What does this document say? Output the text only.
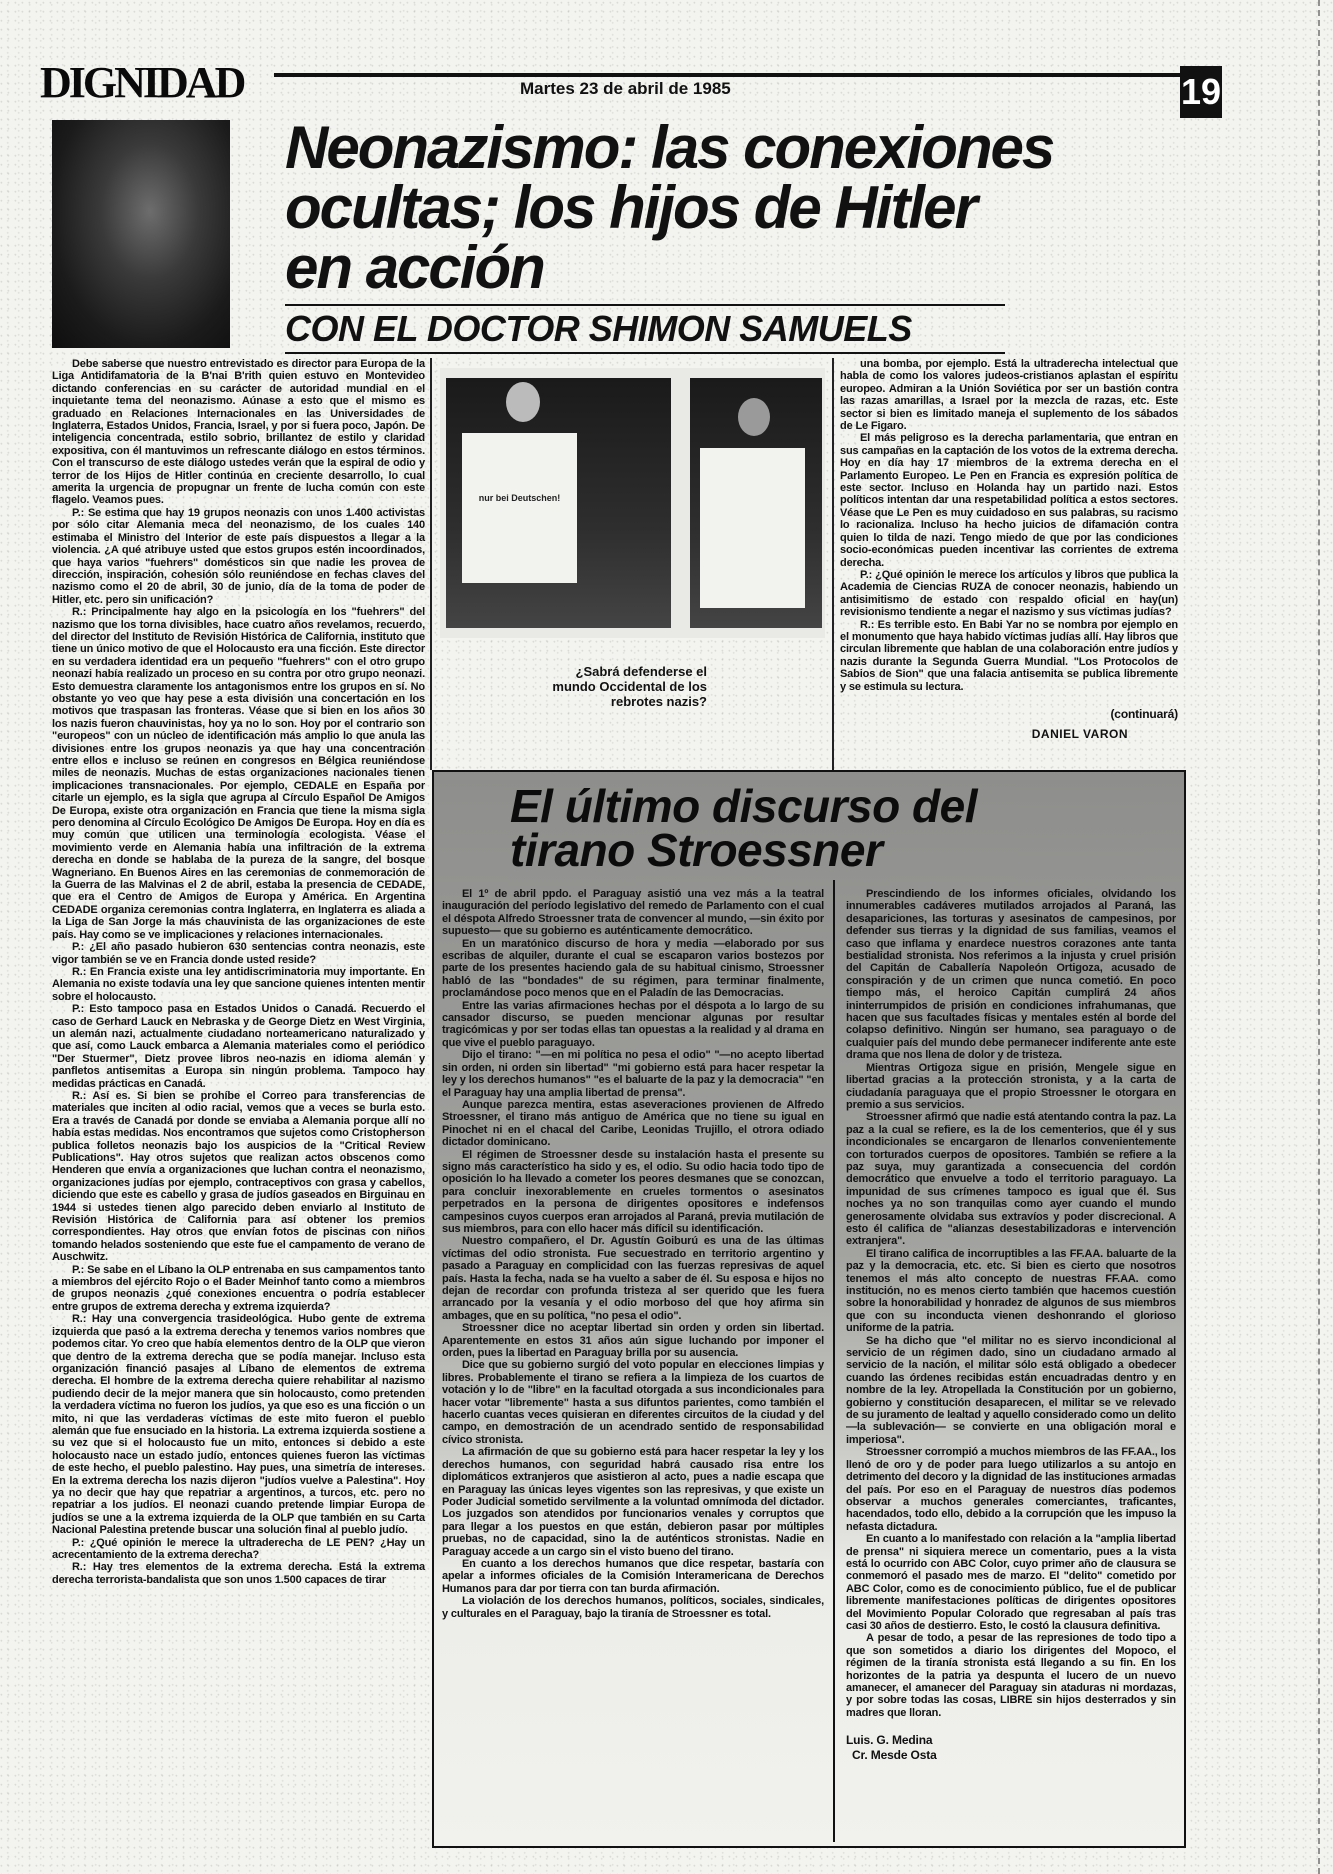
DIGNIDAD	Martes 23 de abril de 1985	19
Neonazismo: las conexiones
ocultas; los hijos de Hitler
en acción
CON EL DOCTOR SHIMON SAMUELS

Debe saberse que nuestro entrevistado es director para Europa de la Liga Antidifamatoria de la B'nai B'rith quien estuvo en Montevideo dictando conferencias en su carácter de autoridad mundial en el inquietante tema del neonazismo. Aúnase a esto que el mismo es graduado en Relaciones Internacionales en las Universidades de Inglaterra, Estados Unidos, Francia, Israel, y por si fuera poco, Japón. De inteligencia concentrada, estilo sobrio, brillantez de estilo y claridad expositiva, con él mantuvimos un refrescante diálogo en estos términos. Con el transcurso de este diálogo ustedes verán que la espiral de odio y terror de los Hijos de Hitler continúa en creciente desarrollo, lo cual amerita la urgencia de propugnar un frente de lucha común con este flagelo. Veamos pues.

P.: Se estima que hay 19 grupos neonazis con unos 1.400 activistas por sólo citar Alemania meca del neonazismo, de los cuales 140 estimaba el Ministro del Interior de este país dispuestos a llegar a la violencia. ¿A qué atribuye usted que estos grupos estén incoordinados, que haya varios "fuehrers" domésticos sin que nadie les provea de dirección, inspiración, cohesión sólo reuniéndose en fechas claves del nazismo como el 20 de abril, 30 de junio, día de la toma de poder de Hitler, etc. pero sin unificación?

R.: Principalmente hay algo en la psicología en los "fuehrers" del nazismo que los torna divisibles, hace cuatro años revelamos, recuerdo, del director del Instituto de Revisión Histórica de California, instituto que tiene un único motivo de que el Holocausto era una ficción. Este director en su verdadera identidad era un pequeño "fuehrers" con el otro grupo neonazi había realizado un proceso en su contra por otro grupo neonazi. Esto demuestra claramente los antagonismos entre los grupos en sí. No obstante yo veo que hay pese a esta división una concertación en los motivos que traspasan las fronteras. Véase que si bien en los años 30 los nazis fueron chauvinistas, hoy ya no lo son. Hoy por el contrario son "europeos" con un núcleo de identificación más amplio lo que anula las divisiones entre los grupos neonazis ya que hay una concentración entre ellos e incluso se reúnen en congresos en Bélgica reuniéndose miles de neonazis. Muchas de estas organizaciones nacionales tienen implicaciones transnacionales. Por ejemplo, CEDALE en España por citarle un ejemplo, es la sigla que agrupa al Círculo Español De Amigos De Europa, existe otra organización en Francia que tiene la misma sigla pero denomina al Círculo Ecológico De Amigos De Europa. Hoy en día es muy común que utilicen una terminología ecologista. Véase el movimiento verde en Alemania había una infiltración de la extrema derecha en donde se hablaba de la pureza de la sangre, del bosque Wagneriano. En Buenos Aires en las ceremonias de conmemoración de la Guerra de las Malvinas el 2 de abril, estaba la presencia de CEDADE, que era el Centro de Amigos de Europa y América. En Argentina CEDADE organiza ceremonias contra Inglaterra, en Inglaterra es aliada a la Liga de San Jorge la más chauvinista de las organizaciones de este país. Hay como se ve implicaciones y relaciones internacionales.

P.: ¿El año pasado hubieron 630 sentencias contra neonazis, este vigor también se ve en Francia donde usted reside?

R.: En Francia existe una ley antidiscriminatoria muy importante. En Alemania no existe todavía una ley que sancione quienes intenten mentir sobre el holocausto.

P.: Esto tampoco pasa en Estados Unidos o Canadá. Recuerdo el caso de Gerhard Lauck en Nebraska y de George Dietz en West Virginia, un alemán nazi, actualmente ciudadano norteamericano naturalizado y que así, como Lauck embarca a Alemania materiales como el periódico "Der Stuermer", Dietz provee libros neo-nazis en idioma alemán y panfletos antisemitas a Europa sin ningún problema. Tampoco hay medidas prácticas en Canadá.

R.: Así es. Si bien se prohíbe el Correo para transferencias de materiales que inciten al odio racial, vemos que a veces se burla esto. Era a través de Canadá por donde se enviaba a Alemania porque allí no había estas medidas. Nos encontramos que sujetos como Cristopherson publica folletos neonazis bajo los auspicios de la "Critical Review Publications". Hay otros sujetos que realizan actos obscenos como Henderen que envía a organizaciones que luchan contra el neonazismo, organizaciones judías por ejemplo, contraceptivos con grasa y cabellos, diciendo que este es cabello y grasa de judíos gaseados en Birguinau en 1944 si ustedes tienen algo parecido deben enviarlo al Instituto de Revisión Histórica de California para así obtener los premios correspondientes. Hay otros que envían fotos de piscinas con niños tomando helados sosteniendo que este fue el campamento de verano de Auschwitz.

P.: Se sabe en el Líbano la OLP entrenaba en sus campamentos tanto a miembros del ejército Rojo o el Bader Meinhof tanto como a miembros de grupos neonazis ¿qué conexiones encuentra o podría establecer entre grupos de extrema derecha y extrema izquierda?

R.: Hay una convergencia trasideológica. Hubo gente de extrema izquierda que pasó a la extrema derecha y tenemos varios nombres que podemos citar. Yo creo que había elementos dentro de la OLP que vieron que dentro de la extrema derecha que se podía manejar. Incluso esta organización financió pasajes al Líbano de elementos de extrema derecha. El hombre de la extrema derecha quiere rehabilitar al nazismo pudiendo decir de la mejor manera que sin holocausto, como pretenden la verdadera víctima no fueron los judíos, ya que eso es una ficción o un mito, ni que las verdaderas víctimas de este mito fueron el pueblo alemán que fue ensuciado en la historia. La extrema izquierda sostiene a su vez que si el holocausto fue un mito, entonces si debido a este holocausto nace un estado judío, entonces quienes fueron las víctimas de este hecho, el pueblo palestino. Hay pues, una simetría de intereses. En la extrema derecha los nazis dijeron "judíos vuelve a Palestina". Hoy ya no decir que hay que repatriar a argentinos, a turcos, etc. pero no repatriar a los judíos. El neonazi cuando pretende limpiar Europa de judíos se une a la extrema izquierda de la OLP que también en su Carta Nacional Palestina pretende buscar una solución final al pueblo judío.

P.: ¿Qué opinión le merece la ultraderecha de LE PEN? ¿Hay un acrecentamiento de la extrema derecha?

R.: Hay tres elementos de la extrema derecha. Está la extrema derecha terrorista-bandalista que son unos 1.500 capaces de tirar

nur bei Deutschen!
¿Sabrá defenderse el mundo Occidental de los rebrotes nazis?

una bomba, por ejemplo. Está la ultraderecha intelectual que habla de como los valores judeos-cristianos aplastan el espíritu europeo. Admiran a la Unión Soviética por ser un bastión contra las razas amarillas, a Israel por la mezcla de razas, etc. Este sector si bien es limitado maneja el suplemento de los sábados de Le Figaro.

El más peligroso es la derecha parlamentaria, que entran en sus campañas en la captación de los votos de la extrema derecha. Hoy en día hay 17 miembros de la extrema derecha en el Parlamento Europeo. Le Pen en Francia es expresión política de este sector. Incluso en Holanda hay un partido nazi. Estos políticos intentan dar una respetabilidad política a estos sectores. Véase que Le Pen es muy cuidadoso en sus palabras, su racismo lo racionaliza. Incluso ha hecho juicios de difamación contra quien lo tilda de nazi. Tengo miedo de que por las condiciones socio-económicas pueden incentivar las corrientes de extrema derecha.

P.: ¿Qué opinión le merece los artículos y libros que publica la Academia de Ciencias RUZA de conocer neonazis, habiendo un antisimitismo de estado con respaldo oficial en hay(un) revisionismo tendiente a negar el nazismo y sus víctimas judías?

R.: Es terrible esto. En Babi Yar no se nombra por ejemplo en el monumento que haya habido víctimas judías allí. Hay libros que circulan libremente que hablan de una colaboración entre judíos y nazis durante la Segunda Guerra Mundial. "Los Protocolos de Sabios de Sion" que una falacia antisemita se publica libremente y se estimula su lectura.

(continuará)
DANIEL VARON
El último discurso del
tirano Stroessner

El 1º de abril ppdo. el Paraguay asistió una vez más a la teatral inauguración del período legislativo del remedo de Parlamento con el cual el déspota Alfredo Stroessner trata de convencer al mundo, —sin éxito por supuesto— que su gobierno es auténticamente democrático.

En un maratónico discurso de hora y media —elaborado por sus escribas de alquiler, durante el cual se escaparon varios bostezos por parte de los presentes haciendo gala de su habitual cinismo, Stroessner habló de las "bondades" de su régimen, para terminar finalmente, proclamándose poco menos que en el Paladín de las Democracias.

Entre las varias afirmaciones hechas por el déspota a lo largo de su cansador discurso, se pueden mencionar algunas por resultar tragicómicas y por ser todas ellas tan opuestas a la realidad y al drama en que vive el pueblo paraguayo.

Dijo el tirano: "—en mi política no pesa el odio" "—no acepto libertad sin orden, ni orden sin libertad" "mi gobierno está para hacer respetar la ley y los derechos humanos" "es el baluarte de la paz y la democracia" "en el Paraguay hay una amplia libertad de prensa".

Aunque parezca mentira, estas aseveraciones provienen de Alfredo Stroessner, el tirano más antiguo de América que no tiene su igual en Pinochet ni en el chacal del Caribe, Leonidas Trujillo, el otrora odiado dictador dominicano.

El régimen de Stroessner desde su instalación hasta el presente su signo más característico ha sido y es, el odio. Su odio hacia todo tipo de oposición lo ha llevado a cometer los peores desmanes que se conozcan, para concluir inexorablemente en crueles tormentos o asesinatos perpetrados en la persona de dirigentes opositores e indefensos campesinos cuyos cuerpos eran arrojados al Paraná, previa mutilación de sus miembros, para con ello hacer más difícil su identificación.

Nuestro compañero, el Dr. Agustín Goiburú es una de las últimas víctimas del odio stronista. Fue secuestrado en territorio argentino y pasado a Paraguay en complicidad con las fuerzas represivas de aquel país. Hasta la fecha, nada se ha vuelto a saber de él. Su esposa e hijos no dejan de recordar con profunda tristeza al ser querido que les fuera arrancado por la vesanía y el odio morboso del que hoy afirma sin ambages, que en su política, "no pesa el odio".

Stroessner dice no aceptar libertad sin orden y orden sin libertad. Aparentemente en estos 31 años aún sigue luchando por imponer el orden, pues la libertad en Paraguay brilla por su ausencia.

Dice que su gobierno surgió del voto popular en elecciones limpias y libres. Probablemente el tirano se refiera a la limpieza de los cuartos de votación y lo de "libre" en la facultad otorgada a sus incondicionales para hacer votar "libremente" hasta a sus difuntos parientes, como también el hacerlo cuantas veces quisieran en diferentes circuitos de la ciudad y del campo, en demostración de un acendrado sentido de responsabilidad cívico stronista.

La afirmación de que su gobierno está para hacer respetar la ley y los derechos humanos, con seguridad habrá causado risa entre los diplomáticos extranjeros que asistieron al acto, pues a nadie escapa que en Paraguay las únicas leyes vigentes son las represivas, y que existe un Poder Judicial sometido servilmente a la voluntad omnímoda del dictador. Los juzgados son atendidos por funcionarios venales y corruptos que para llegar a los puestos en que están, debieron pasar por múltiples pruebas, no de capacidad, sino la de auténticos stronistas. Nadie en Paraguay accede a un cargo sin el visto bueno del tirano.

En cuanto a los derechos humanos que dice respetar, bastaría con apelar a informes oficiales de la Comisión Interamericana de Derechos Humanos para dar por tierra con tan burda afirmación.

La violación de los derechos humanos, políticos, sociales, sindicales, y culturales en el Paraguay, bajo la tiranía de Stroessner es total.

Prescindiendo de los informes oficiales, olvidando los innumerables cadáveres mutilados arrojados al Paraná, las desapariciones, las torturas y asesinatos de campesinos, por defender sus tierras y la dignidad de sus familias, veamos el caso que inflama y enardece nuestros corazones ante tanta bestialidad stronista. Nos referimos a la injusta y cruel prisión del Capitán de Caballería Napoleón Ortigoza, acusado de conspiración y de un crimen que nunca cometió. En poco tiempo más, el heroico Capitán cumplirá 24 años ininterrumpidos de prisión en condiciones infrahumanas, que hacen que sus facultades físicas y mentales estén al borde del colapso definitivo. Ningún ser humano, sea paraguayo o de cualquier país del mundo debe permanecer indiferente ante este drama que nos llena de dolor y de tristeza.

Mientras Ortigoza sigue en prisión, Mengele sigue en libertad gracias a la protección stronista, y a la carta de ciudadanía paraguaya que el propio Stroessner le otorgara en premio a sus servicios.

Stroessner afirmó que nadie está atentando contra la paz. La paz a la cual se refiere, es la de los cementerios, que él y sus incondicionales se encargaron de llenarlos convenientemente con torturados cuerpos de opositores. También se refiere a la paz suya, muy garantizada a consecuencia del cordón democrático que envuelve a todo el territorio paraguayo. La impunidad de sus crímenes tampoco es igual que él. Sus noches ya no son tranquilas como ayer cuando el mundo generosamente olvidaba sus extravíos y poder discrecional. A esto él califica de "alianzas desestabilizadoras e intervención extranjera".

El tirano califica de incorruptibles a las FF.AA. baluarte de la paz y la democracia, etc. etc. Si bien es cierto que nosotros tenemos el más alto concepto de nuestras FF.AA. como institución, no es menos cierto también que hacemos cuestión sobre la honorabilidad y honradez de algunos de sus miembros que con su inconducta vienen deshonrando el glorioso uniforme de la patria.

Se ha dicho que "el militar no es siervo incondicional al servicio de un régimen dado, sino un ciudadano armado al servicio de la nación, el militar sólo está obligado a obedecer cuando las órdenes recibidas están encuadradas dentro y en nombre de la ley. Atropellada la Constitución por un gobierno, gobierno y constitución desaparecen, el militar se ve relevado de su juramento de lealtad y aquello considerado como un delito —la sublevación— se convierte en una obligación moral e imperiosa".

Stroessner corrompió a muchos miembros de las FF.AA., los llenó de oro y de poder para luego utilizarlos a su antojo en detrimento del decoro y la dignidad de las instituciones armadas del país. Por eso en el Paraguay de nuestros días podemos observar a muchos generales comerciantes, traficantes, hacendados, todo ello, debido a la corrupción que les impuso la nefasta dictadura.

En cuanto a lo manifestado con relación a la "amplia libertad de prensa" ni siquiera merece un comentario, pues a la vista está lo ocurrido con ABC Color, cuyo primer año de clausura se conmemoró el pasado mes de marzo. El "delito" cometido por ABC Color, como es de conocimiento público, fue el de publicar libremente manifestaciones políticas de dirigentes opositores del Movimiento Popular Colorado que regresaban al país tras casi 30 años de destierro. Esto, le costó la clausura definitiva.

A pesar de todo, a pesar de las represiones de todo tipo a que son sometidos a diario los dirigentes del Mopoco, el régimen de la tiranía stronista está llegando a su fin. En los horizontes de la patria ya despunta el lucero de un nuevo amanecer, el amanecer del Paraguay sin ataduras ni mordazas, y por sobre todas las cosas, LIBRE sin hijos desterrados y sin madres que lloran.

Luis. G. Medina
Cr. Mesde Osta
